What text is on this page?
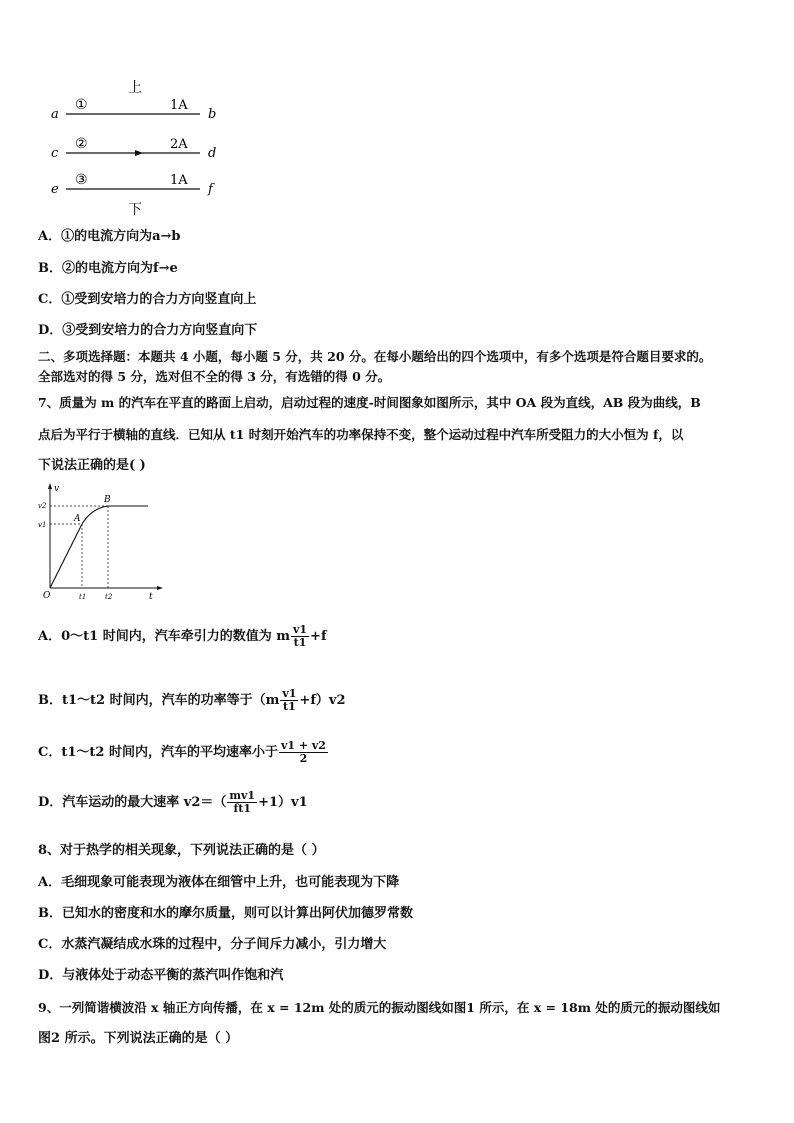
上
a
①	1A
b
c
②	2A
d
e
③	1A
f
下
A．①的电流方向为a→b
B．②的电流方向为f→e
C．①受到安培力的合力方向竖直向上
D．③受到安培力的合力方向竖直向下
二、多项选择题：本题共 4 小题，每小题 5 分，共 20 分。在每小题给出的四个选项中，有多个选项是符合题目要求的。
全部选对的得 5 分，选对但不全的得 3 分，有选错的得 0 分。
7、质量为 m 的汽车在平直的路面上启动，启动过程的速度-时间图象如图所示，其中 OA 段为直线，AB 段为曲线，B
点后为平行于横轴的直线．已知从 t1 时刻开始汽车的功率保持不变，整个运动过程中汽车所受阻力的大小恒为 f，以
下说法正确的是( )
v
t
O
v2
v1
t1	t2
A
B
A．0～t1 时间内，汽车牵引力的数值为 m $\frac{v1}{t1} +f$
B．t1～t2 时间内，汽车的功率等于$(m \frac{v1}{t1} +f)v2$
C．t1～t2 时间内，汽车的平均速率小于 $\frac{v1 + v2}{2}$
D．汽车运动的最大速率 $v2=( \frac{mv1}{ft1} +1)v1$
8、对于热学的相关现象，下列说法正确的是（ ）
A．毛细现象可能表现为液体在细管中上升，也可能表现为下降
B．已知水的密度和水的摩尔质量，则可以计算出阿伏加德罗常数
C．水蒸汽凝结成水珠的过程中，分子间斥力减小，引力增大
D．与液体处于动态平衡的蒸汽叫作饱和汽
9、一列简谐横波沿 x 轴正方向传播，在 x = 12m 处的质元的振动图线如图1 所示，在 x = 18m 处的质元的振动图线如
图2 所示。下列说法正确的是（ ）
